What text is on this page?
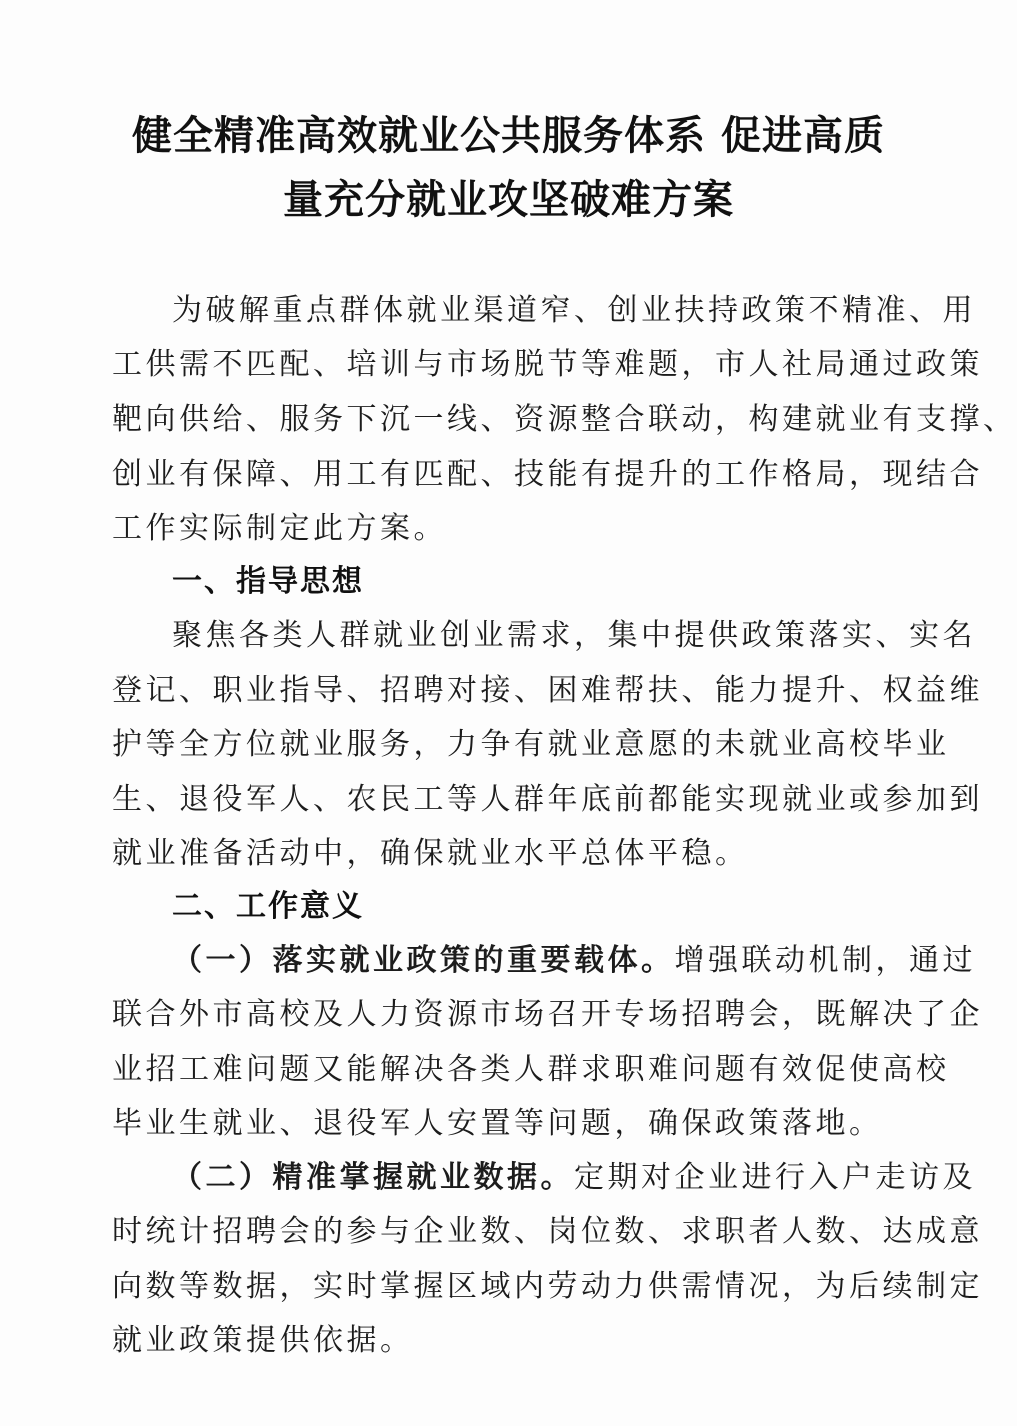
健全精准高效就业公共服务体系 促进高质
量充分就业攻坚破难方案
为破解重点群体就业渠道窄、创业扶持政策不精准、用
工供需不匹配、培训与市场脱节等难题，市人社局通过政策
靶向供给、服务下沉一线、资源整合联动，构建就业有支撑、
创业有保障、用工有匹配、技能有提升的工作格局，现结合
工作实际制定此方案。
一、指导思想
聚焦各类人群就业创业需求，集中提供政策落实、实名
登记、职业指导、招聘对接、困难帮扶、能力提升、权益维
护等全方位就业服务，力争有就业意愿的未就业高校毕业
生、退役军人、农民工等人群年底前都能实现就业或参加到
就业准备活动中，确保就业水平总体平稳。
二、工作意义
（一）落实就业政策的重要载体。增强联动机制，通过
联合外市高校及人力资源市场召开专场招聘会，既解决了企
业招工难问题又能解决各类人群求职难问题有效促使高校
毕业生就业、退役军人安置等问题，确保政策落地。
（二）精准掌握就业数据。定期对企业进行入户走访及
时统计招聘会的参与企业数、岗位数、求职者人数、达成意
向数等数据，实时掌握区域内劳动力供需情况，为后续制定
就业政策提供依据。
